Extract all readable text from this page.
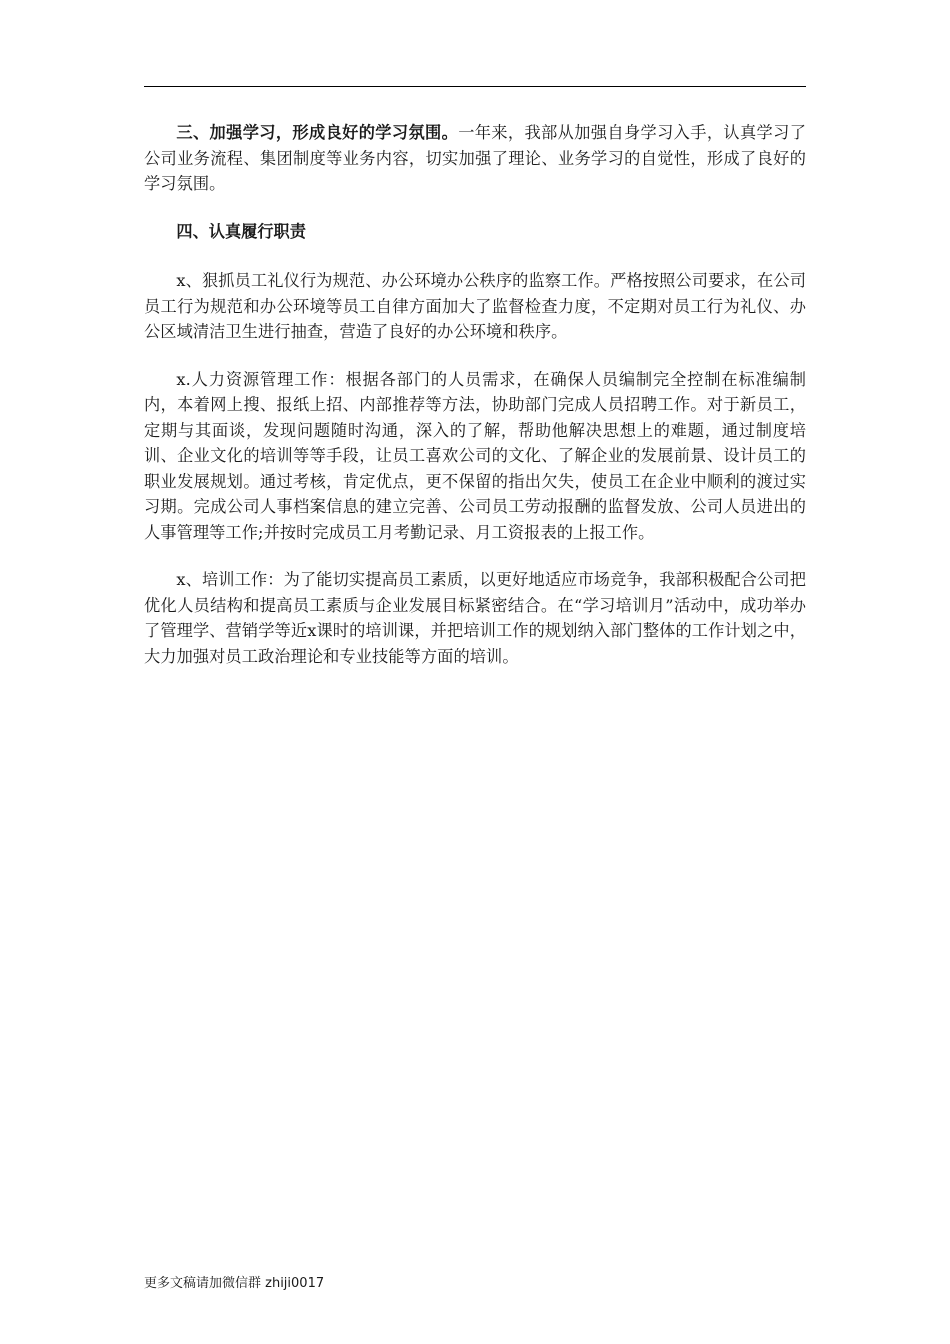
三、加强学习，形成良好的学习氛围。一年来，我部从加强自身学习入手，认真学习了公司业务流程、集团制度等业务内容，切实加强了理论、业务学习的自觉性，形成了良好的学习氛围。

四、认真履行职责

x、狠抓员工礼仪行为规范、办公环境办公秩序的监察工作。严格按照公司要求，在公司员工行为规范和办公环境等员工自律方面加大了监督检查力度，不定期对员工行为礼仪、办公区域清洁卫生进行抽查，营造了良好的办公环境和秩序。

x.人力资源管理工作：根据各部门的人员需求，在确保人员编制完全控制在标准编制内，本着网上搜、报纸上招、内部推荐等方法，协助部门完成人员招聘工作。对于新员工，定期与其面谈，发现问题随时沟通，深入的了解，帮助他解决思想上的难题，通过制度培训、企业文化的培训等等手段，让员工喜欢公司的文化、了解企业的发展前景、设计员工的职业发展规划。通过考核，肯定优点，更不保留的指出欠失，使员工在企业中顺利的渡过实习期。完成公司人事档案信息的建立完善、公司员工劳动报酬的监督发放、公司人员进出的人事管理等工作;并按时完成员工月考勤记录、月工资报表的上报工作。

x、培训工作：为了能切实提高员工素质，以更好地适应市场竞争，我部积极配合公司把优化人员结构和提高员工素质与企业发展目标紧密结合。在“学习培训月”活动中，成功举办了管理学、营销学等近x课时的培训课，并把培训工作的规划纳入部门整体的工作计划之中，大力加强对员工政治理论和专业技能等方面的培训。

更多文稿请加微信群 zhiji0017
